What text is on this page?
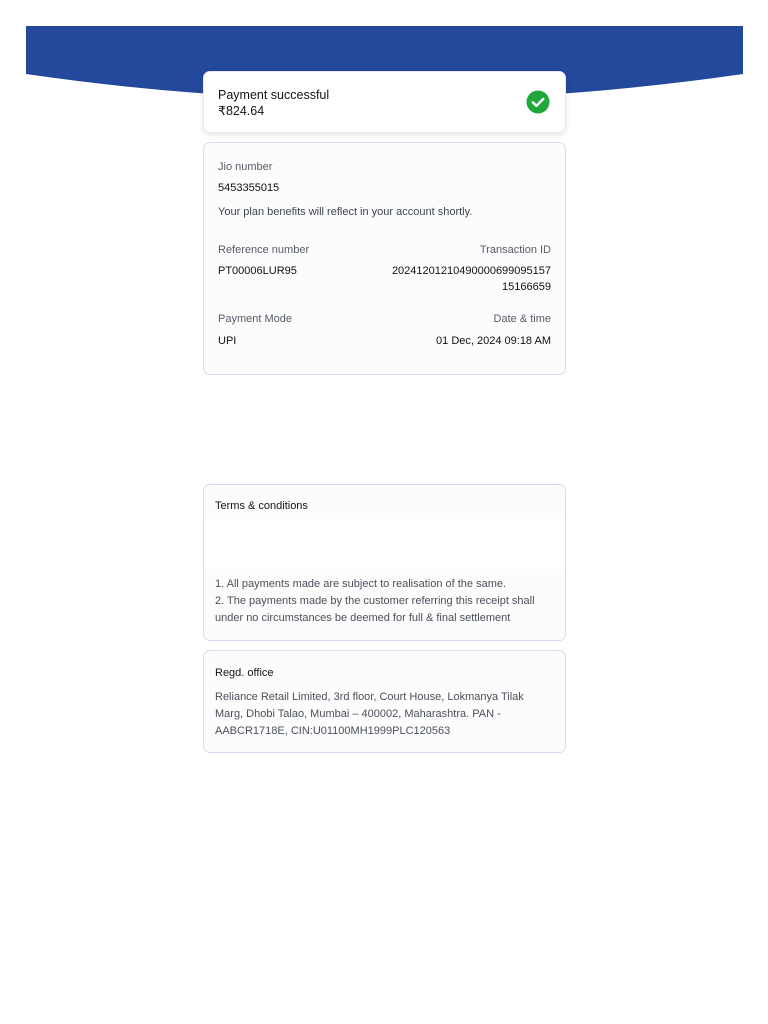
Payment successful
₹824.64
Jio number
5453355015
Your plan benefits will reflect in your account shortly.
Reference number	Transaction ID
PT00006LUR95	20241201210490000699095157
15166659
Payment Mode	Date & time
UPI	01 Dec, 2024 09:18 AM
Terms & conditions
1. All payments made are subject to realisation of the same.
2. The payments made by the customer referring this receipt shall
under no circumstances be deemed for full & final settlement
Regd. office
Reliance Retail Limited, 3rd floor, Court House, Lokmanya Tilak
Marg, Dhobi Talao, Mumbai – 400002, Maharashtra. PAN -
AABCR1718E, CIN:U01100MH1999PLC120563
